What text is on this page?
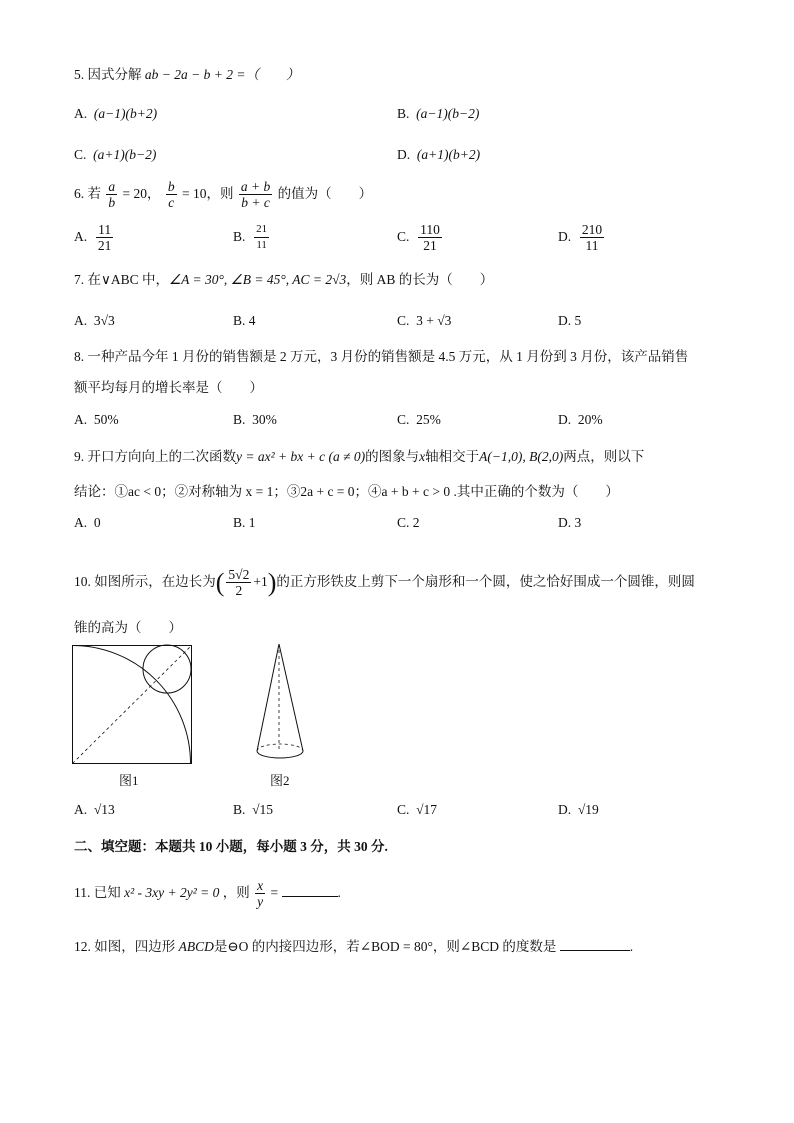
5. 因式分解 ab − 2a − b + 2 =（　　）
A. (a−1)(b+2)	B. (a−1)(b−2)
C. (a+1)(b−2)	D. (a+1)(b+2)
6. 若 $\frac{a}{b} = 20$， $\frac{b}{c} = 10$，则 $\frac{a + b}{b + c}$ 的值为（　　）
A. $\frac{11}{21}$	B. $\frac{21}{11}$	C. $\frac{110}{21}$	D. $\frac{210}{11}$
7. 在∨ABC 中，∠A = 30°, ∠B = 45°, AC = 2√3，则 AB 的长为（　　）
A. 3√3	B. 4	C. 3 + √3	D. 5
8. 一种产品今年 1 月份的销售额是 2 万元，3 月份的销售额是 4.5 万元，从 1 月份到 3 月份，该产品销售
额平均每月的增长率是（　　）
A. 50%	B. 30%	C. 25%	D. 20%
9. 开口方向向上的二次函数y = ax² + bx + c (a ≠ 0)的图象与x轴相交于A(−1,0), B(2,0)两点，则以下
结论：①ac < 0；②对称轴为 x = 1；③2a + c = 0；④a + b + c > 0 .其中正确的个数为（　　）
A. 0	B. 1	C. 2	D. 3
10. 如图所示，在边长为( $\frac{5√2}{2} +1$)的正方形铁皮上剪下一个扇形和一个圆，使之恰好围成一个圆锥，则圆
锥的高为（　　）
图1	图2
A. √13	B. √15	C. √17	D. √19
二、填空题：本题共 10 小题，每小题 3 分，共 30 分.
11. 已知 x² - 3xy + 2y² = 0 ，则 $\frac{x}{y}$ =	.
12. 如图，四边形 ABCD是⊖O 的内接四边形，若∠BOD = 80°，则∠BCD 的度数是	.
